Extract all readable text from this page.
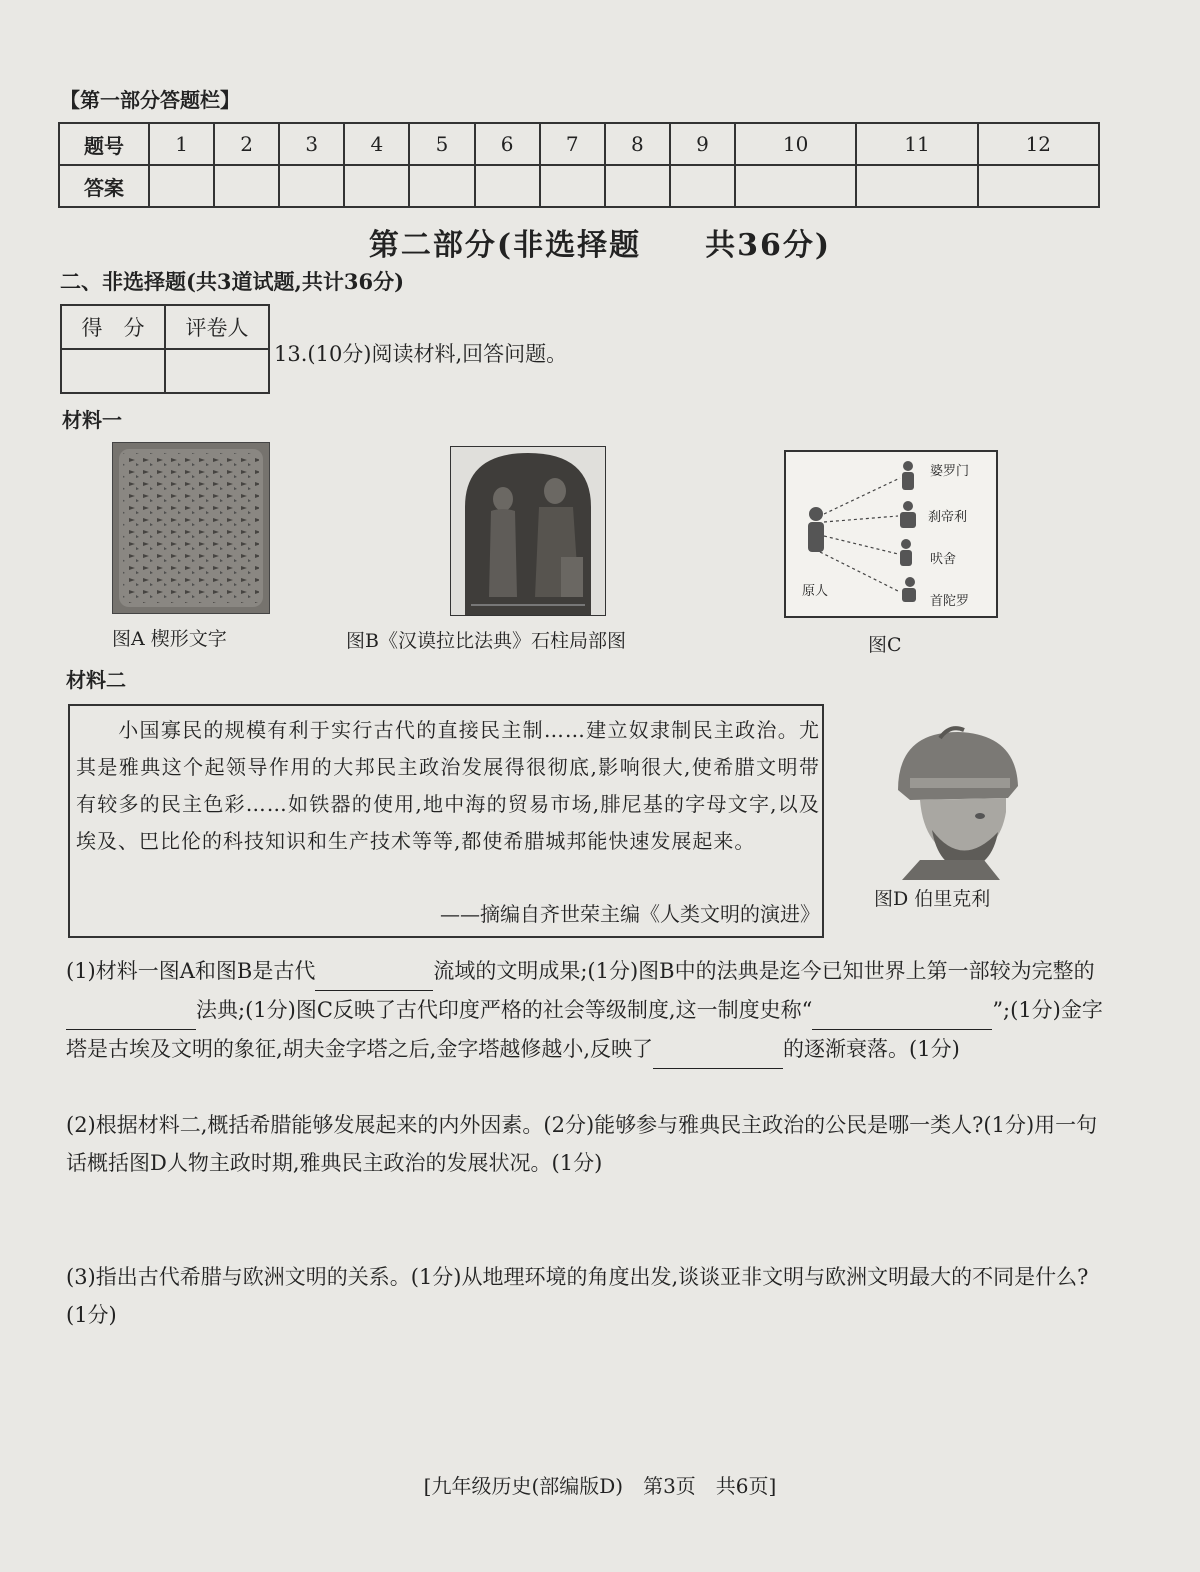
【第一部分答题栏】
题号	1	2	3	4	5	6	7	8	9	10	11	12
答案												
第二部分(非选择题　　共36分)
二、非选择题(共3道试题,共计36分)
得　分	评卷人

13.(10分)阅读材料,回答问题。
材料一
婆罗门
刹帝利
吠舍
首陀罗
原人
图A 楔形文字	图B《汉谟拉比法典》石柱局部图	图C
材料二
小国寡民的规模有利于实行古代的直接民主制……建立奴隶制民主政治。尤其是雅典这个起领导作用的大邦民主政治发展得很彻底,影响很大,使希腊文明带有较多的民主色彩……如铁器的使用,地中海的贸易市场,腓尼基的字母文字,以及埃及、巴比伦的科技知识和生产技术等等,都使希腊城邦能快速发展起来。
——摘编自齐世荣主编《人类文明的演进》
图D 伯里克利
(1)材料一图A和图B是古代	流域的文明成果;(1分)图B中的法典是迄今已知世界上第一部较为完整的 法典;(1分)图C反映了古代印度严格的社会等级制度,这一制度史称“	”;(1分)金字塔是古埃及文明的象征,胡夫金字塔之后,金字塔越修越小,反映了	的逐渐衰落。(1分)
(2)根据材料二,概括希腊能够发展起来的内外因素。(2分)能够参与雅典民主政治的公民是哪一类人?(1分)用一句话概括图D人物主政时期,雅典民主政治的发展状况。(1分)
(3)指出古代希腊与欧洲文明的关系。(1分)从地理环境的角度出发,谈谈亚非文明与欧洲文明最大的不同是什么?(1分)
[九年级历史(部编版D)　第3页　共6页]
